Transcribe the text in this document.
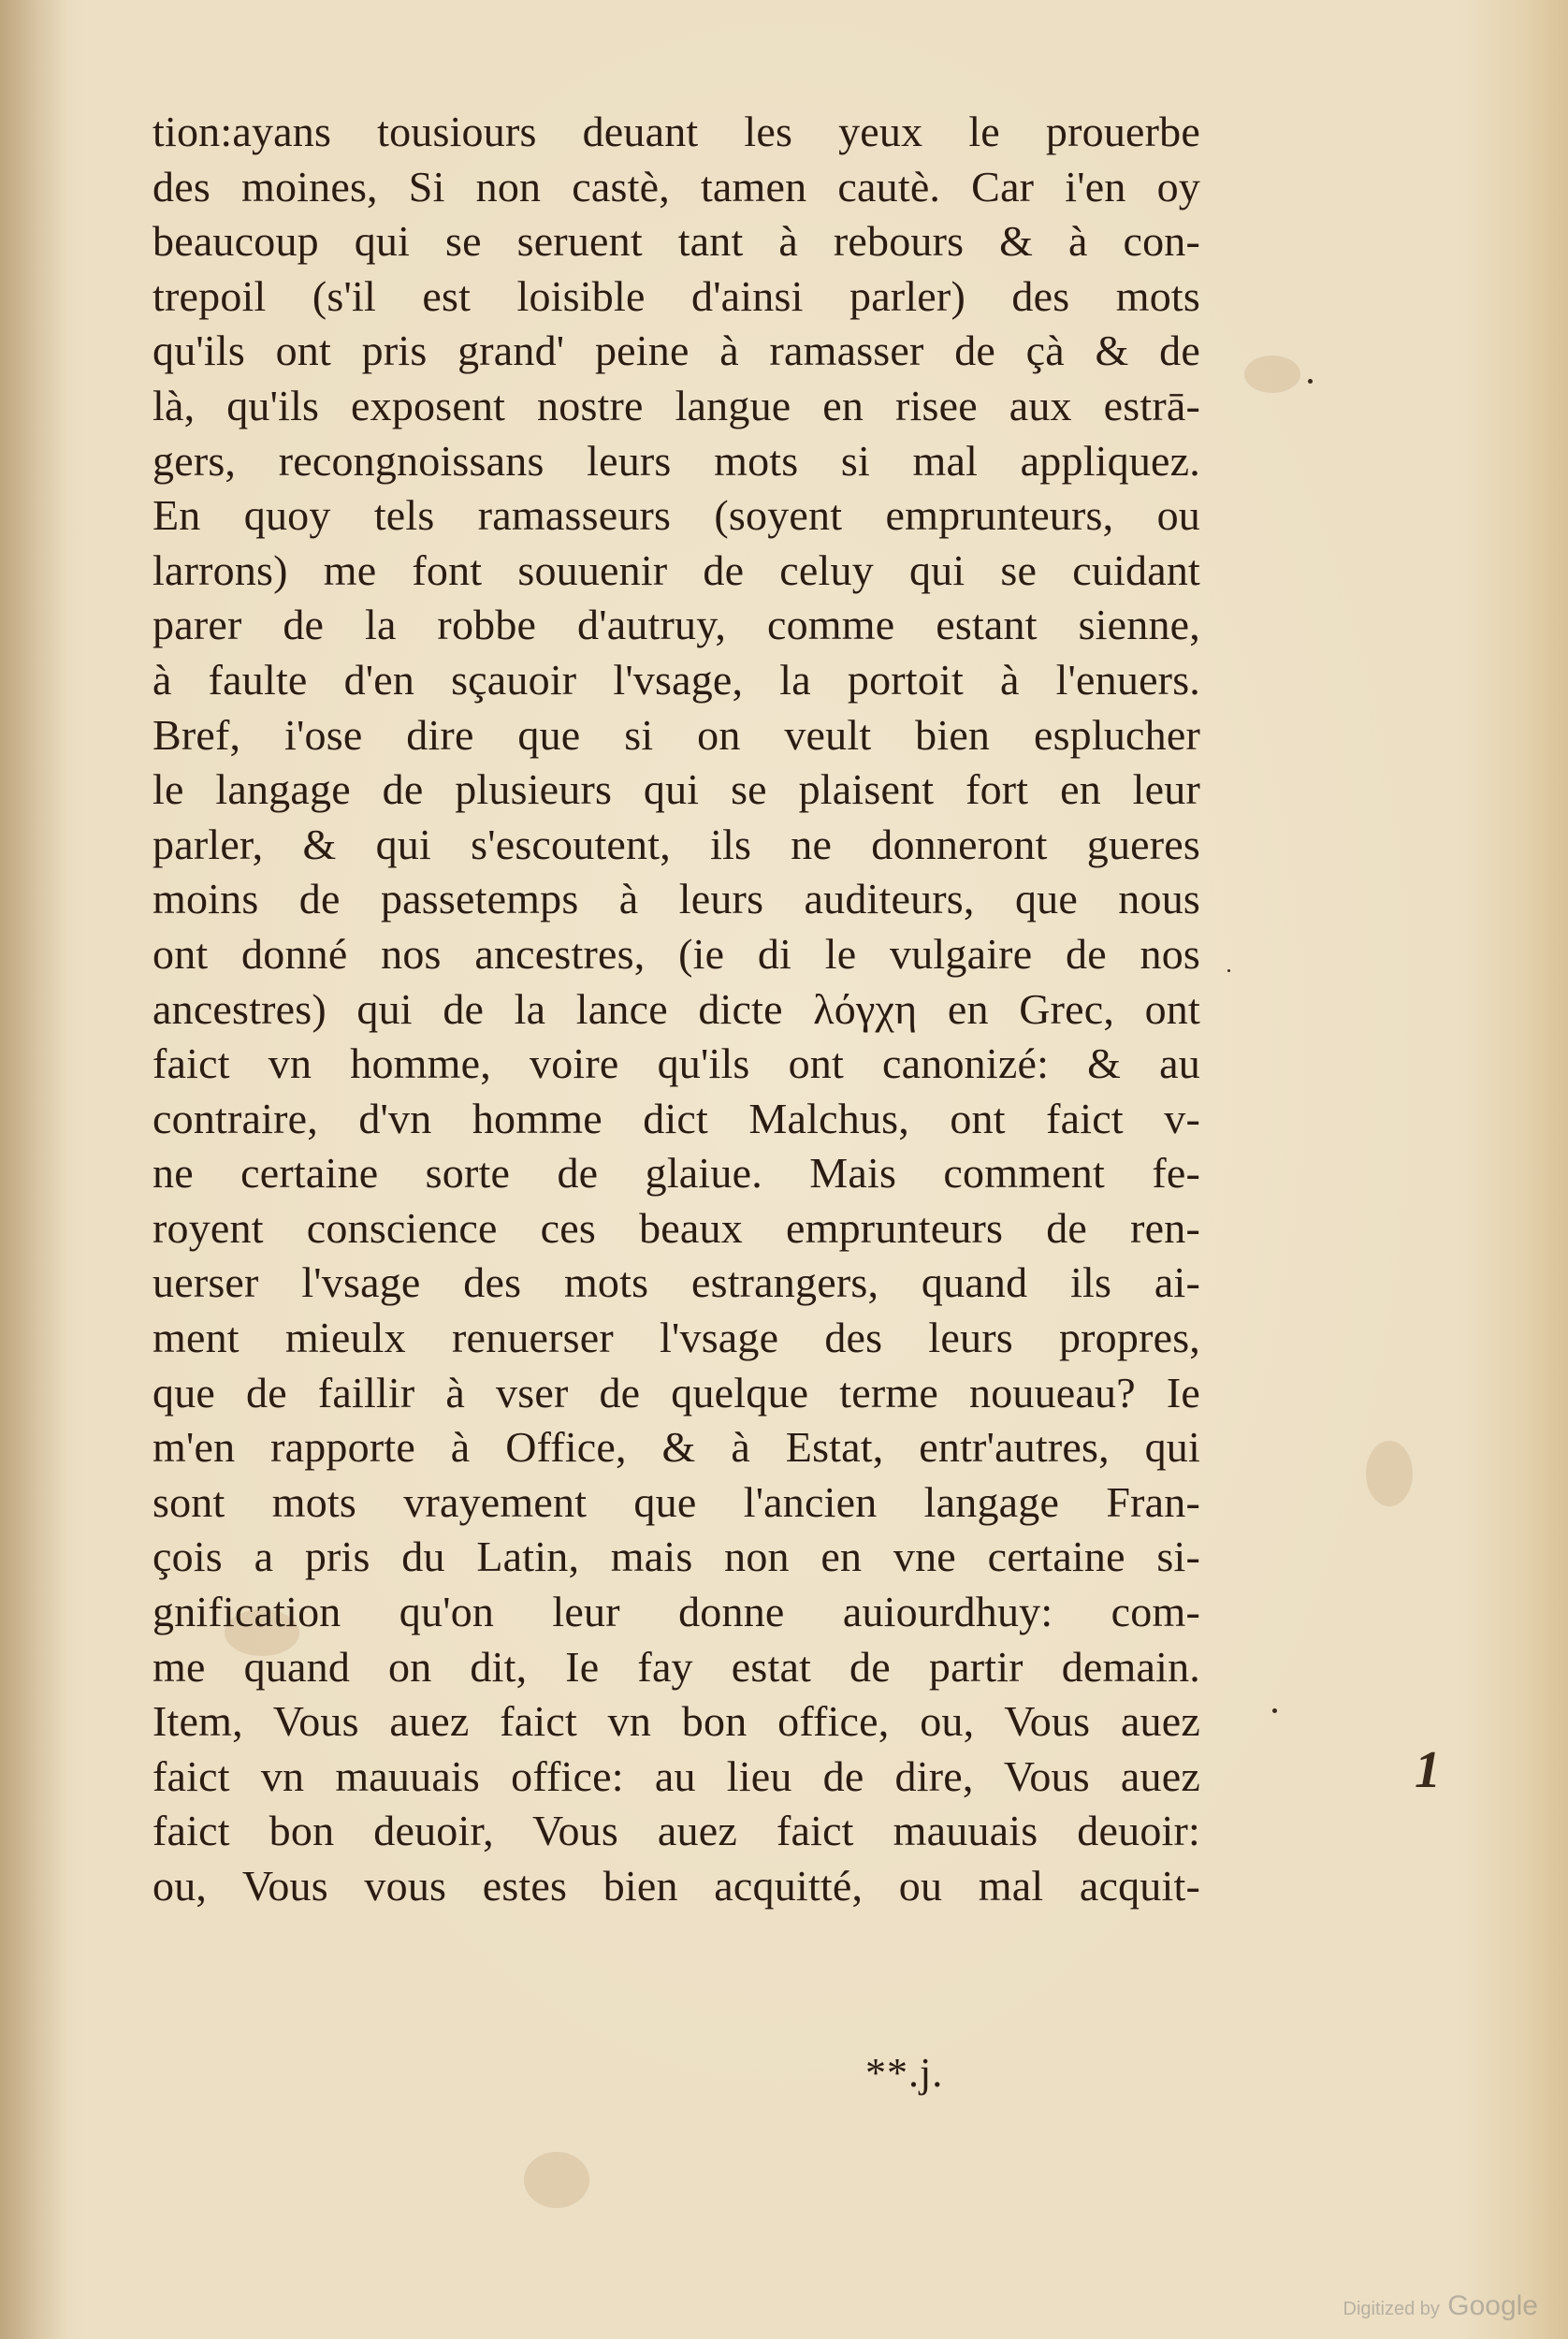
tion:ayans tousiours deuant les yeux le prouerbe
des moines, Si non castè, tamen cautè. Car i'en oy
beaucoup qui se seruent tant à rebours & à con-
trepoil (s'il est loisible d'ainsi parler) des mots
qu'ils ont pris grand' peine à ramasser de çà & de
là, qu'ils exposent nostre langue en risee aux estrā-
gers, recongnoissans leurs mots si mal appliquez.
En quoy tels ramasseurs (soyent emprunteurs, ou
larrons) me font souuenir de celuy qui se cuidant
parer de la robbe d'autruy, comme estant sienne,
à faulte d'en sçauoir l'vsage, la portoit à l'enuers.
Bref, i'ose dire que si on veult bien esplucher
le langage de plusieurs qui se plaisent fort en leur
parler, & qui s'escoutent, ils ne donneront gueres
moins de passetemps à leurs auditeurs, que nous
ont donné nos ancestres, (ie di le vulgaire de nos
ancestres) qui de la lance dicte λόγχη en Grec, ont
faict vn homme, voire qu'ils ont canonizé: & au
contraire, d'vn homme dict Malchus, ont faict v-
ne certaine sorte de glaiue. Mais comment fe-
royent conscience ces beaux emprunteurs de ren-
uerser l'vsage des mots estrangers, quand ils ai-
ment mieulx renuerser l'vsage des leurs propres,
que de faillir à vser de quelque terme nouueau? Ie
m'en rapporte à Office, & à Estat, entr'autres, qui
sont mots vrayement que l'ancien langage Fran-
çois a pris du Latin, mais non en vne certaine si-
gnification qu'on leur donne auiourdhuy: com-
me quand on dit, Ie fay estat de partir demain.
Item, Vous auez faict vn bon office, ou, Vous auez
faict vn mauuais office: au lieu de dire, Vous auez
faict bon deuoir, Vous auez faict mauuais deuoir:
ou, Vous vous estes bien acquitté, ou mal acquit-
**.j.
1
Digitized by Google
